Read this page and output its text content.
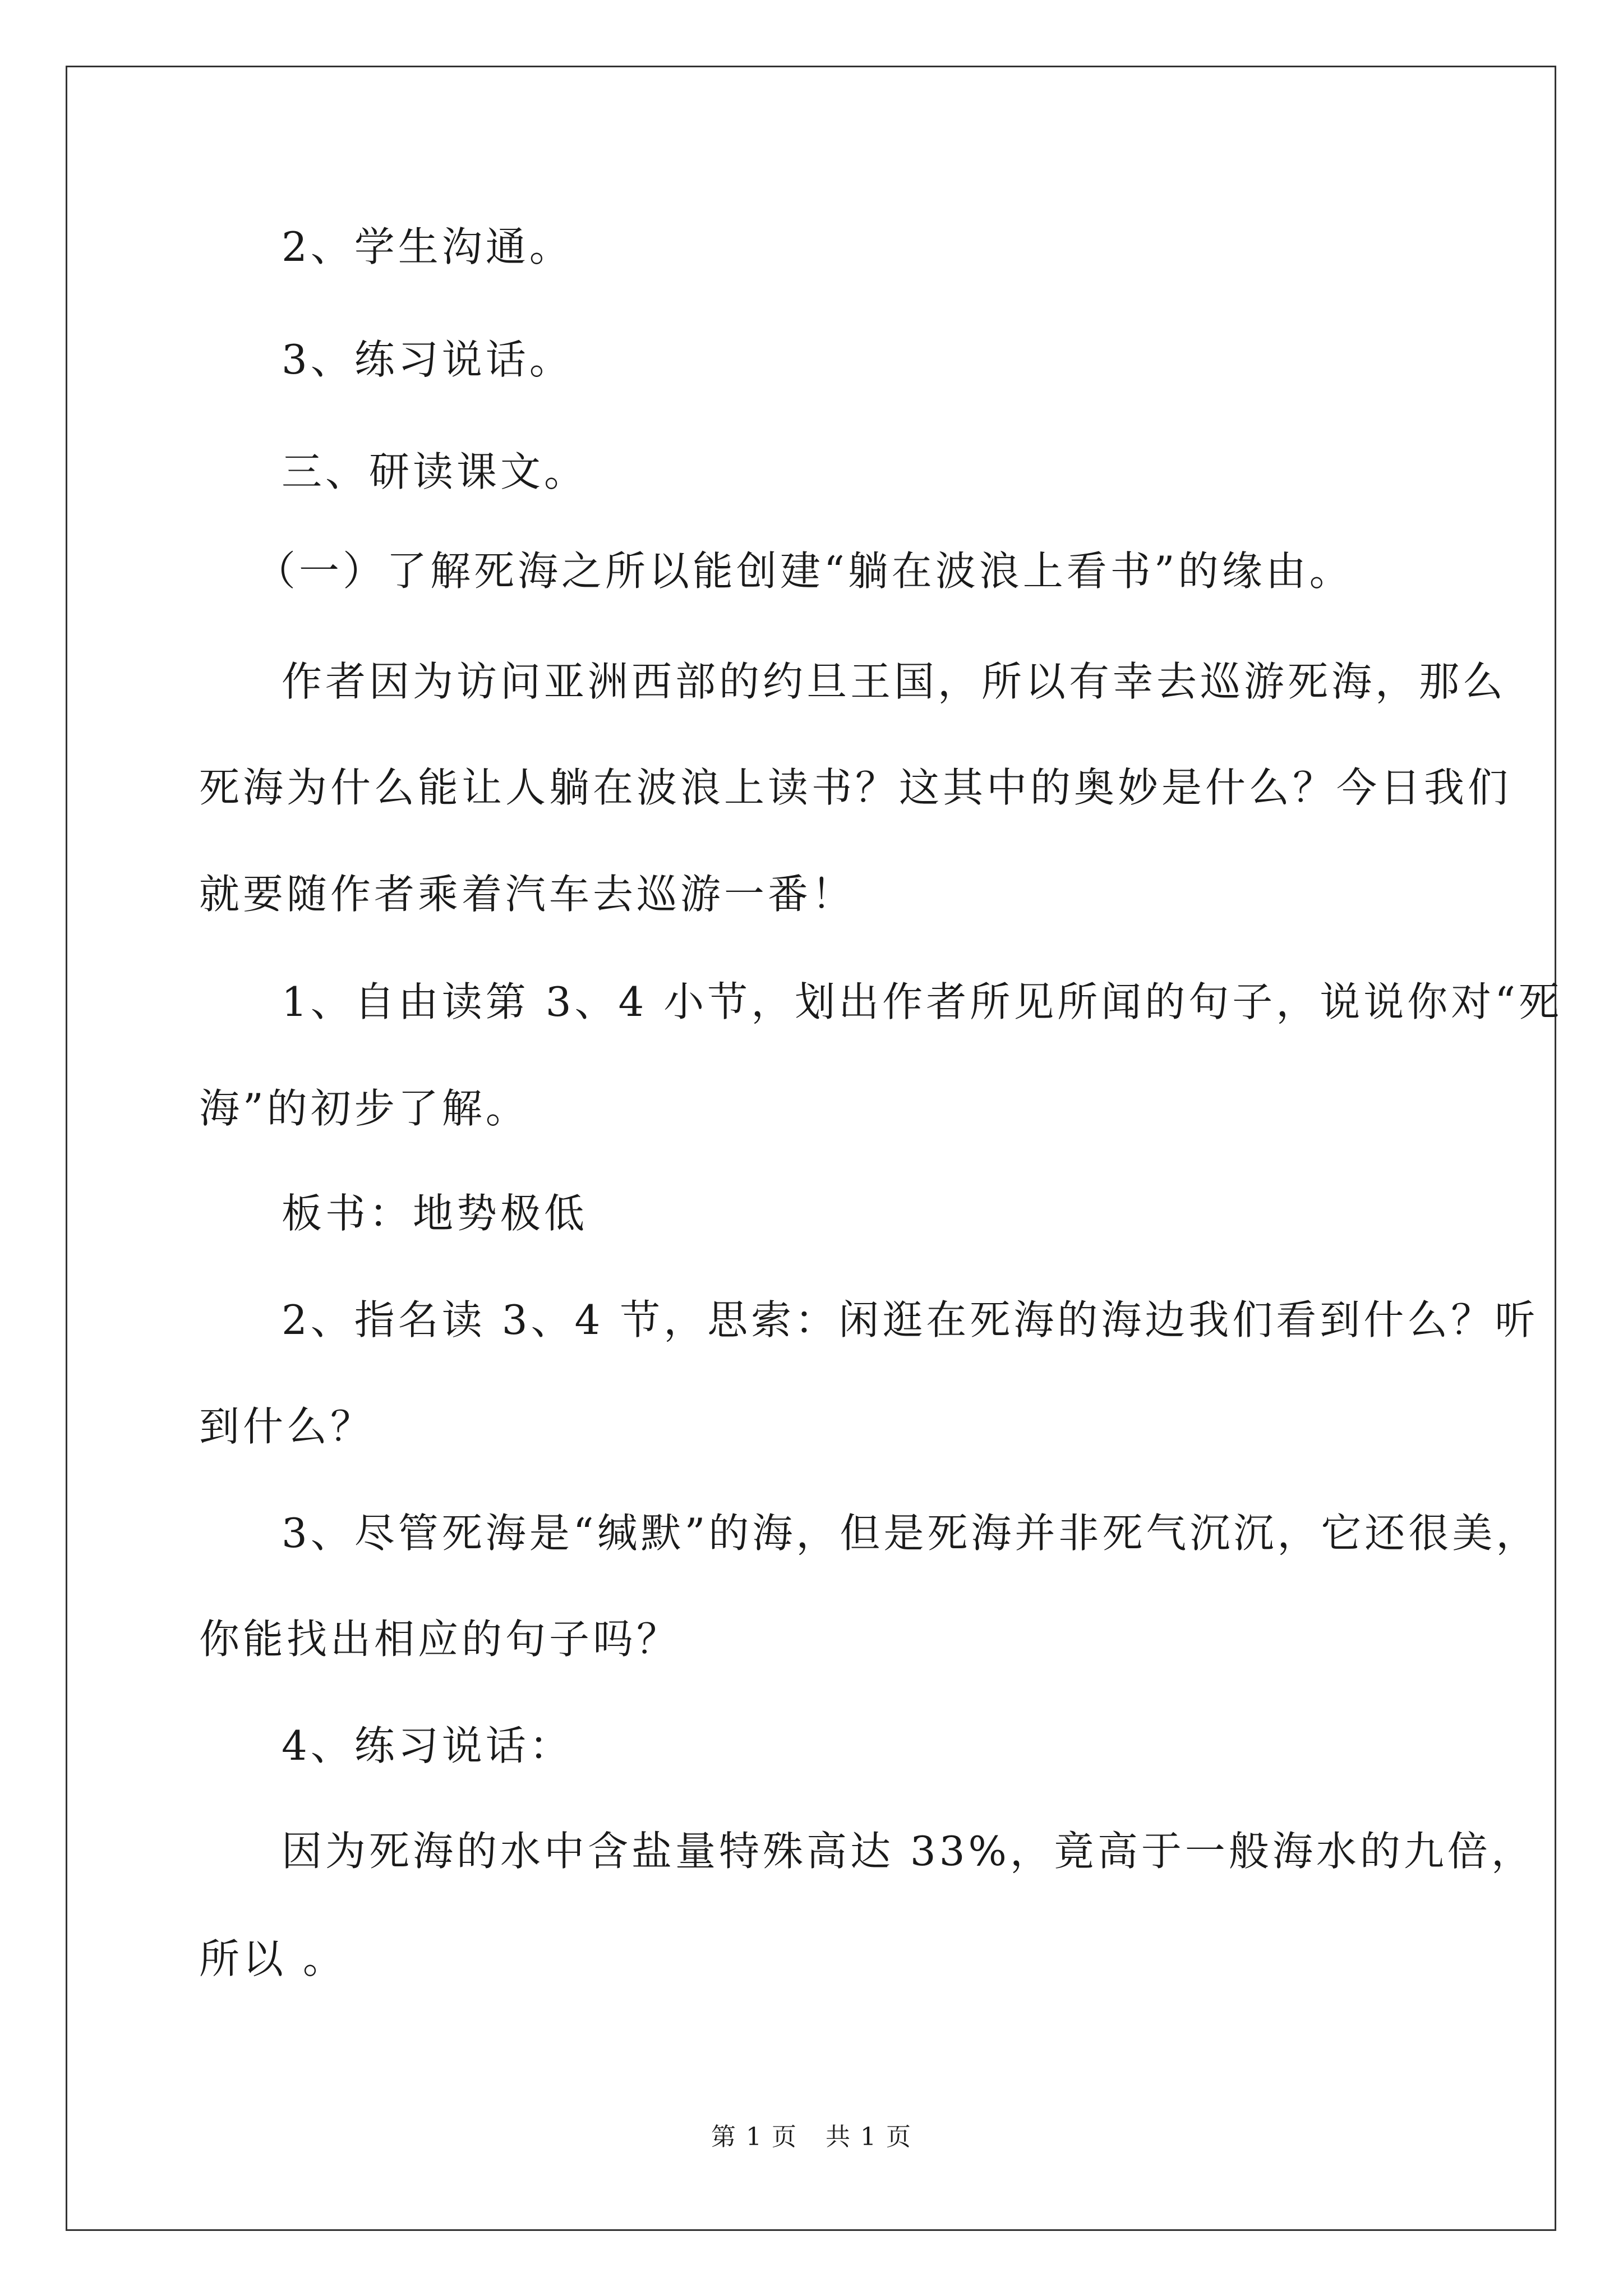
2、学生沟通。
3、练习说话。
三、研读课文。
（一）了解死海之所以能创建“躺在波浪上看书”的缘由。
作者因为访问亚洲西部的约旦王国，所以有幸去巡游死海，那么
死海为什么能让人躺在波浪上读书？这其中的奥妙是什么？今日我们
就要随作者乘着汽车去巡游一番！
1、自由读第 3、4 小节，划出作者所见所闻的句子，说说你对“死
海”的初步了解。
板书：地势极低
2、指名读 3、4 节，思索：闲逛在死海的海边我们看到什么？听
到什么？
3、尽管死海是“缄默”的海，但是死海并非死气沉沉，它还很美，
你能找出相应的句子吗？
4、练习说话：
因为死海的水中含盐量特殊高达 33%，竟高于一般海水的九倍，
所以 。
第 1 页 共 1 页
